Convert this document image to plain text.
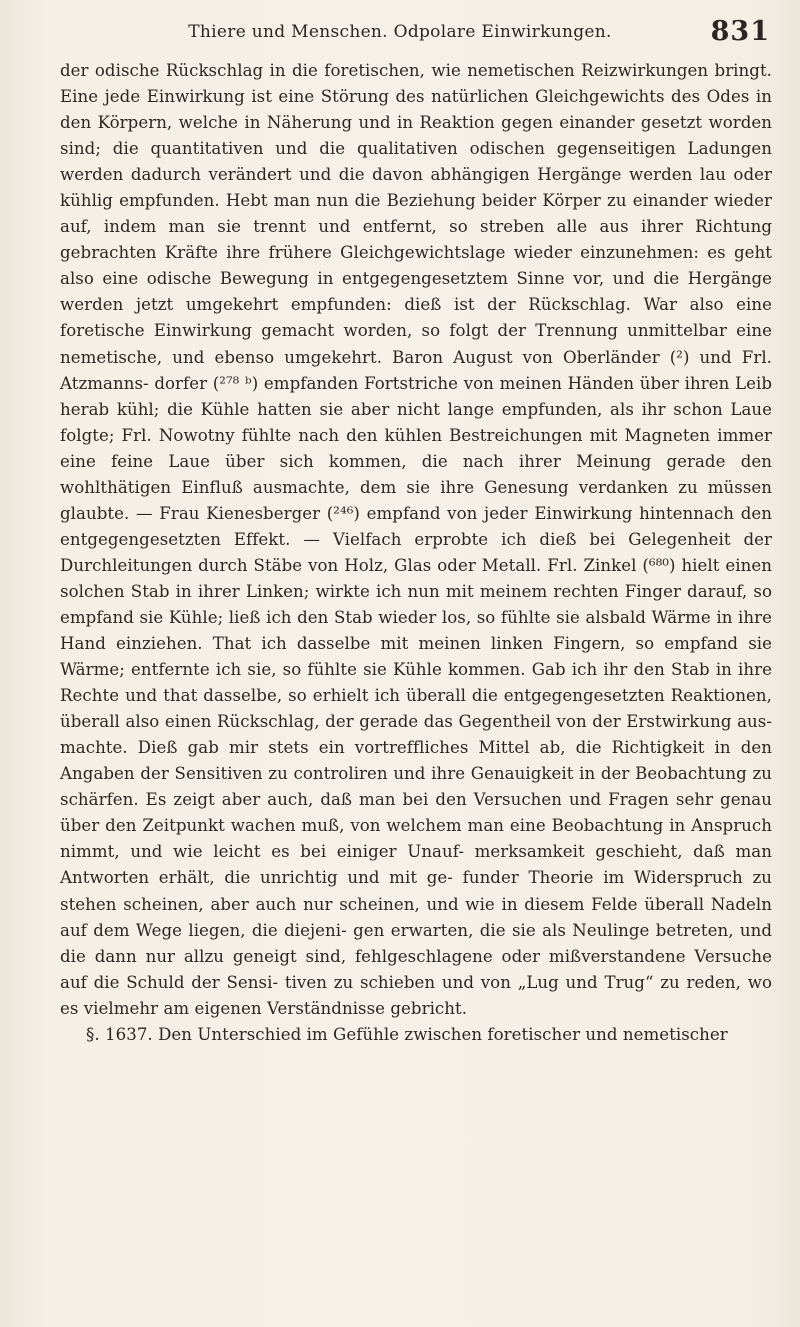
Thiere und Menschen. Odpolare Einwirkungen.	831

der odische Rückschlag in die foretischen, wie nemetischen Reizwirkungen bringt. Eine jede Einwirkung ist eine Störung des natürlichen Gleichgewichts des Odes in den Körpern, welche in Näherung und in Reaktion gegen einander gesetzt worden sind; die quantitativen und die qualitativen odischen gegenseitigen Ladungen werden dadurch verändert und die davon abhängigen Hergänge werden lau oder kühlig empfunden. Hebt man nun die Beziehung beider Körper zu einander wieder auf, indem man sie trennt und entfernt, so streben alle aus ihrer Richtung gebrachten Kräfte ihre frühere Gleichgewichtslage wieder einzunehmen: es geht also eine odische Bewegung in entgegengesetztem Sinne vor, und die Hergänge werden jetzt umgekehrt empfunden: dieß ist der Rückschlag. War also eine foretische Einwirkung gemacht worden, so folgt der Trennung unmittelbar eine nemetische, und ebenso umgekehrt. Baron August von Oberländer (²) und Frl. Atzmanns- dorfer (²⁷⁸ ᵇ) empfanden Fortstriche von meinen Händen über ihren Leib herab kühl; die Kühle hatten sie aber nicht lange empfunden, als ihr schon Laue folgte; Frl. Nowotny fühlte nach den kühlen Bestreichungen mit Magneten immer eine feine Laue über sich kommen, die nach ihrer Meinung gerade den wohlthätigen Einfluß ausmachte, dem sie ihre Genesung verdanken zu müssen glaubte. — Frau Kienesberger (²⁴⁶) empfand von jeder Einwirkung hintennach den entgegengesetzten Effekt. — Vielfach erprobte ich dieß bei Gelegenheit der Durchleitungen durch Stäbe von Holz, Glas oder Metall. Frl. Zinkel (⁶⁸⁰) hielt einen solchen Stab in ihrer Linken; wirkte ich nun mit meinem rechten Finger darauf, so empfand sie Kühle; ließ ich den Stab wieder los, so fühlte sie alsbald Wärme in ihre Hand einziehen. That ich dasselbe mit meinen linken Fingern, so empfand sie Wärme; entfernte ich sie, so fühlte sie Kühle kommen. Gab ich ihr den Stab in ihre Rechte und that dasselbe, so erhielt ich überall die entgegengesetzten Reaktionen, überall also einen Rückschlag, der gerade das Gegentheil von der Erstwirkung aus- machte. Dieß gab mir stets ein vortreffliches Mittel ab, die Richtigkeit in den Angaben der Sensitiven zu controliren und ihre Genauigkeit in der Beobachtung zu schärfen. Es zeigt aber auch, daß man bei den Versuchen und Fragen sehr genau über den Zeitpunkt wachen muß, von welchem man eine Beobachtung in Anspruch nimmt, und wie leicht es bei einiger Unauf- merksamkeit geschieht, daß man Antworten erhält, die unrichtig und mit ge- funder Theorie im Widerspruch zu stehen scheinen, aber auch nur scheinen, und wie in diesem Felde überall Nadeln auf dem Wege liegen, die diejeni- gen erwarten, die sie als Neulinge betreten, und die dann nur allzu geneigt sind, fehlgeschlagene oder mißverstandene Versuche auf die Schuld der Sensi- tiven zu schieben und von „Lug und Trug“ zu reden, wo es vielmehr am eigenen Verständnisse gebricht.

§. 1637. Den Unterschied im Gefühle zwischen foretischer und nemetischer
